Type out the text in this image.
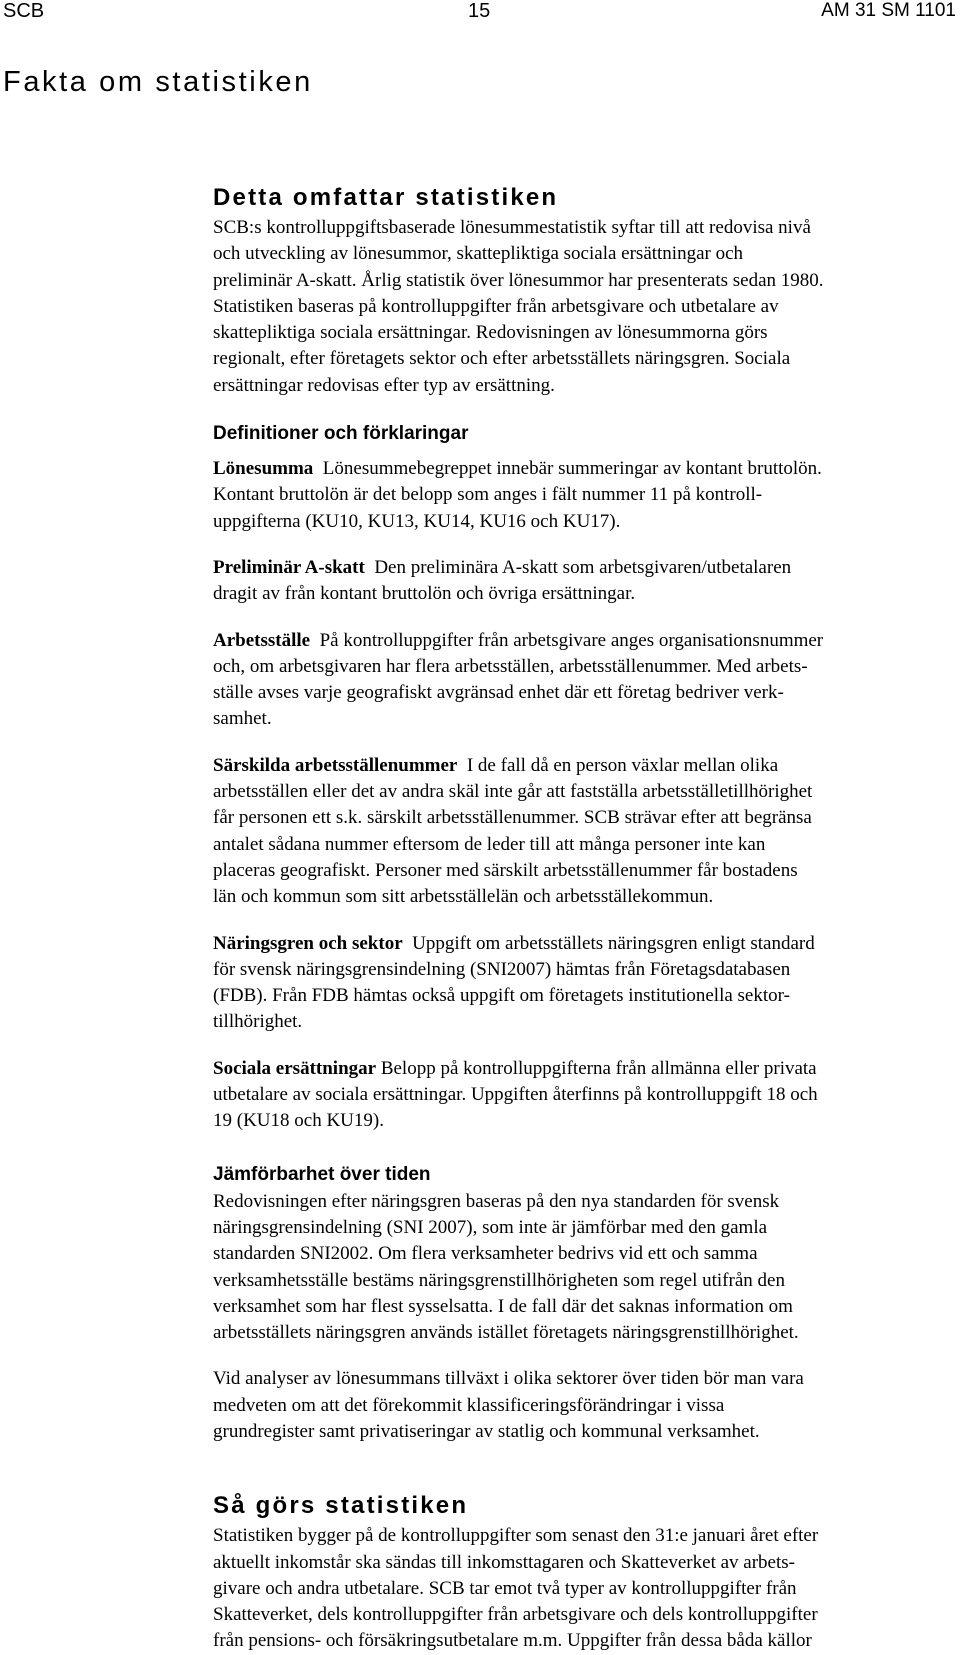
SCB	15	AM 31 SM 1101
Fakta om statistiken
Detta omfattar statistiken

SCB:s kontrolluppgiftsbaserade lönesummestatistik syftar till att redovisa nivå
och utveckling av lönesummor, skattepliktiga sociala ersättningar och
preliminär A-skatt. Årlig statistik över lönesummor har presenterats sedan 1980.
Statistiken baseras på kontrolluppgifter från arbetsgivare och utbetalare av
skattepliktiga sociala ersättningar. Redovisningen av lönesummorna görs
regionalt, efter företagets sektor och efter arbetsställets näringsgren. Sociala
ersättningar redovisas efter typ av ersättning.

Definitioner och förklaringar

Lönesumma Lönesummebegreppet innebär summeringar av kontant bruttolön.
Kontant bruttolön är det belopp som anges i fält nummer 11 på kontroll-
uppgifterna (KU10, KU13, KU14, KU16 och KU17).

Preliminär A-skatt Den preliminära A-skatt som arbetsgivaren/utbetalaren
dragit av från kontant bruttolön och övriga ersättningar.

Arbetsställe På kontrolluppgifter från arbetsgivare anges organisationsnummer
och, om arbetsgivaren har flera arbetsställen, arbetsställenummer. Med arbets-
ställe avses varje geografiskt avgränsad enhet där ett företag bedriver verk-
samhet.

Särskilda arbetsställenummer I de fall då en person växlar mellan olika
arbetsställen eller det av andra skäl inte går att fastställa arbetsställetillhörighet
får personen ett s.k. särskilt arbetsställenummer. SCB strävar efter att begränsa
antalet sådana nummer eftersom de leder till att många personer inte kan
placeras geografiskt. Personer med särskilt arbetsställenummer får bostadens
län och kommun som sitt arbetsställelän och arbetsställekommun.

Näringsgren och sektor Uppgift om arbetsställets näringsgren enligt standard
för svensk näringsgrensindelning (SNI2007) hämtas från Företagsdatabasen
(FDB). Från FDB hämtas också uppgift om företagets institutionella sektor-
tillhörighet.

Sociala ersättningar Belopp på kontrolluppgifterna från allmänna eller privata
utbetalare av sociala ersättningar. Uppgiften återfinns på kontrolluppgift 18 och
19 (KU18 och KU19).

Jämförbarhet över tiden

Redovisningen efter näringsgren baseras på den nya standarden för svensk
näringsgrensindelning (SNI 2007), som inte är jämförbar med den gamla
standarden SNI2002. Om flera verksamheter bedrivs vid ett och samma
verksamhetsställe bestäms näringsgrenstillhörigheten som regel utifrån den
verksamhet som har flest sysselsatta. I de fall där det saknas information om
arbetsställets näringsgren används istället företagets näringsgrenstillhörighet.

Vid analyser av lönesummans tillväxt i olika sektorer över tiden bör man vara
medveten om att det förekommit klassificeringsförändringar i vissa
grundregister samt privatiseringar av statlig och kommunal verksamhet.

Så görs statistiken

Statistiken bygger på de kontrolluppgifter som senast den 31:e januari året efter
aktuellt inkomstår ska sändas till inkomsttagaren och Skatteverket av arbets-
givare och andra utbetalare. SCB tar emot två typer av kontrolluppgifter från
Skatteverket, dels kontrolluppgifter från arbetsgivare och dels kontrolluppgifter
från pensions- och försäkringsutbetalare m.m. Uppgifter från dessa båda källor
